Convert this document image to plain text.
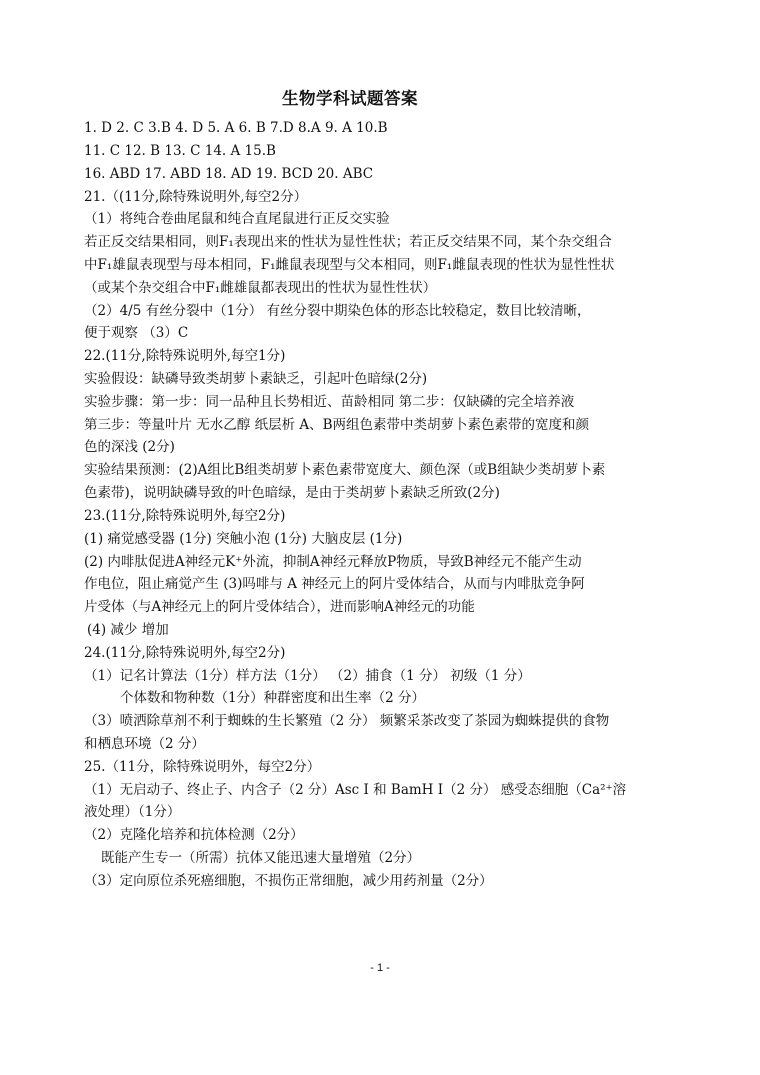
生物学科试题答案
1. D 2. C 3.B 4. D 5. A 6. B 7.D 8.A 9. A 10.B
11. C 12. B 13. C 14. A 15.B
16. ABD 17. ABD 18. AD 19. BCD 20. ABC
21.（(11分,除特殊说明外,每空2分）
（1）将纯合卷曲尾鼠和纯合直尾鼠进行正反交实验
若正反交结果相同，则F₁表现出来的性状为显性性状；若正反交结果不同，某个杂交组合
中F₁雄鼠表现型与母本相同，F₁雌鼠表现型与父本相同，则F₁雌鼠表现的性状为显性性状
（或某个杂交组合中F₁雌雄鼠都表现出的性状为显性性状）
（2）4/5 有丝分裂中（1分） 有丝分裂中期染色体的形态比较稳定，数目比较清晰，
便于观察 （3）C
22.(11分,除特殊说明外,每空1分)
实验假设：缺磷导致类胡萝卜素缺乏，引起叶色暗绿(2分)
实验步骤：第一步：同一品种且长势相近、苗龄相同 第二步：仅缺磷的完全培养液
第三步：等量叶片 无水乙醇 纸层析 A、B两组色素带中类胡萝卜素色素带的宽度和颜
色的深浅 (2分)
实验结果预测：(2)A组比B组类胡萝卜素色素带宽度大、颜色深（或B组缺少类胡萝卜素
色素带)，说明缺磷导致的叶色暗绿，是由于类胡萝卜素缺乏所致(2分)
23.(11分,除特殊说明外,每空2分)
(1) 痛觉感受器 (1分) 突触小泡 (1分) 大脑皮层 (1分)
(2) 内啡肽促进A神经元K⁺外流，抑制A神经元释放P物质，导致B神经元不能产生动
作电位，阻止痛觉产生 (3)吗啡与 A 神经元上的阿片受体结合，从而与内啡肽竞争阿
片受体（与A神经元上的阿片受体结合），进而影响A神经元的功能
(4) 减少 增加
24.(11分,除特殊说明外,每空2分)
（1）记名计算法（1分）样方法（1分） （2）捕食（1 分） 初级（1 分）
个体数和物种数（1分）种群密度和出生率（2 分）
（3）喷洒除草剂不利于蜘蛛的生长繁殖（2 分） 频繁采茶改变了茶园为蜘蛛提供的食物
和栖息环境（2 分）
25.（11分，除特殊说明外，每空2分）
（1）无启动子、终止子、内含子（2 分）Asc Ⅰ 和 BamH Ⅰ（2 分） 感受态细胞（Ca²⁺溶
液处理）（1分）
（2）克隆化培养和抗体检测（2分）
既能产生专一（所需）抗体又能迅速大量增殖（2分）
（3）定向原位杀死癌细胞，不损伤正常细胞，减少用药剂量（2分）
- 1 -
